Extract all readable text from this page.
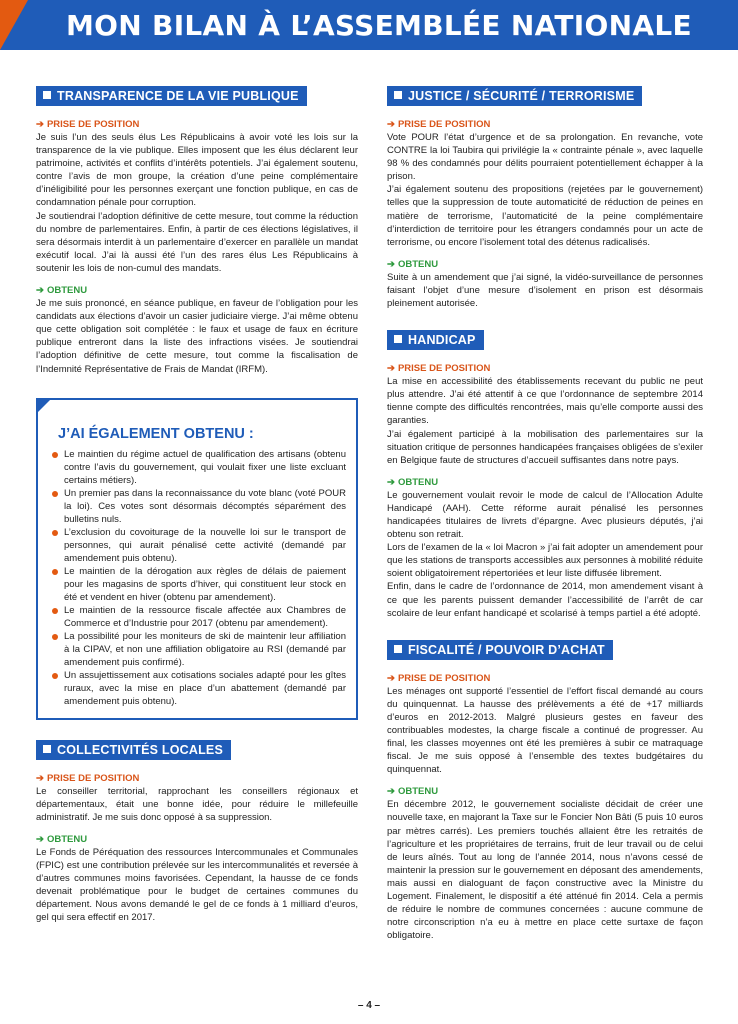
MON BILAN À L’ASSEMBLÉE NATIONALE
TRANSPARENCE DE LA VIE PUBLIQUE
➔ PRISE DE POSITION

Je suis l’un des seuls élus Les Républicains à avoir voté les lois sur la transparence de la vie publique. Elles imposent que les élus déclarent leur patrimoine, activités et conflits d’intérêts potentiels. J’ai également soutenu, contre l’avis de mon groupe, la création d’une peine complémentaire d’inéligibilité pour les personnes exerçant une fonction publique, en cas de condamnation pénale pour corruption.

Je soutiendrai l’adoption définitive de cette mesure, tout comme la réduction du nombre de parlementaires. Enfin, à partir de ces élections législatives, il sera désormais interdit à un parlementaire d’exercer en parallèle un mandat exécutif local. J’ai là aussi été l’un des rares élus Les Républicains à soutenir les lois de non-cumul des mandats.

➔ OBTENU

Je me suis prononcé, en séance publique, en faveur de l’obligation pour les candidats aux élections d’avoir un casier judiciaire vierge. J’ai même obtenu que cette obligation soit complétée : le faux et usage de faux en écriture publique entreront dans la liste des infractions visées. Je soutiendrai l’adoption définitive de cette mesure, tout comme la fiscalisation de l’Indemnité Représentative de Frais de Mandat (IRFM).

J’AI ÉGALEMENT OBTENU :
Le maintien du régime actuel de qualification des artisans (obtenu contre l’avis du gouvernement, qui voulait fixer une liste excluant certains métiers).
Un premier pas dans la reconnaissance du vote blanc (voté POUR la loi). Ces votes sont désormais décomptés séparément des bulletins nuls.
L’exclusion du covoiturage de la nouvelle loi sur le transport de personnes, qui aurait pénalisé cette activité (demandé par amendement puis obtenu).
Le maintien de la dérogation aux règles de délais de paiement pour les magasins de sports d’hiver, qui constituent leur stock en été et vendent en hiver (obtenu par amendement).
Le maintien de la ressource fiscale affectée aux Chambres de Commerce et d’Industrie pour 2017 (obtenu par amendement).
La possibilité pour les moniteurs de ski de maintenir leur affiliation à la CIPAV, et non une affiliation obligatoire au RSI (demandé par amendement puis confirmé).
Un assujettissement aux cotisations sociales adapté pour les gîtes ruraux, avec la mise en place d’un abattement (demandé par amendement puis obtenu).
COLLECTIVITÉS LOCALES
➔ PRISE DE POSITION

Le conseiller territorial, rapprochant les conseillers régionaux et départementaux, était une bonne idée, pour réduire le millefeuille administratif. Je me suis donc opposé à sa suppression.

➔ OBTENU

Le Fonds de Péréquation des ressources Intercommunales et Communales (FPIC) est une contribution prélevée sur les intercommunalités et reversée à d’autres communes moins favorisées. Cependant, la hausse de ce fonds devenait problématique pour le budget de certaines communes du département. Nous avons demandé le gel de ce fonds à 1 milliard d’euros, gel qui sera effectif en 2017.

JUSTICE / SÉCURITÉ / TERRORISME
➔ PRISE DE POSITION

Vote POUR l’état d’urgence et de sa prolongation. En revanche, vote CONTRE la loi Taubira qui privilégie la « contrainte pénale », avec laquelle 98 % des condamnés pour délits pourraient potentiellement échapper à la prison.

J’ai également soutenu des propositions (rejetées par le gouvernement) telles que la suppression de toute automaticité de réduction de peines en matière de terrorisme, l’automaticité de la peine complémentaire d’interdiction de territoire pour les étrangers condamnés pour un acte de terrorisme, ou encore l’isolement total des détenus radicalisés.

➔ OBTENU

Suite à un amendement que j’ai signé, la vidéo-surveillance de personnes faisant l’objet d’une mesure d’isolement en prison est désormais pleinement autorisée.

HANDICAP
➔ PRISE DE POSITION

La mise en accessibilité des établissements recevant du public ne peut plus attendre. J’ai été attentif à ce que l’ordonnance de septembre 2014 tienne compte des difficultés rencontrées, mais qu’elle comporte aussi des garanties.

J’ai également participé à la mobilisation des parlementaires sur la situation critique de personnes handicapées françaises obligées de s’exiler en Belgique faute de structures d’accueil suffisantes dans notre pays.

➔ OBTENU

Le gouvernement voulait revoir le mode de calcul de l’Allocation Adulte Handicapé (AAH). Cette réforme aurait pénalisé les personnes handicapées titulaires de livrets d’épargne. Avec plusieurs députés, j’ai obtenu son retrait.

Lors de l’examen de la « loi Macron » j’ai fait adopter un amendement pour que les stations de transports accessibles aux personnes à mobilité réduite soient obligatoirement répertoriées et leur liste diffusée librement.

Enfin, dans le cadre de l’ordonnance de 2014, mon amendement visant à ce que les parents puissent demander l’accessibilité de l’arrêt de car scolaire de leur enfant handicapé et scolarisé à temps partiel a été adopté.

FISCALITÉ / POUVOIR D’ACHAT
➔ PRISE DE POSITION

Les ménages ont supporté l’essentiel de l’effort fiscal demandé au cours du quinquennat. La hausse des prélèvements a été de +17 milliards d’euros en 2012-2013. Malgré plusieurs gestes en faveur des contribuables modestes, la charge fiscale a continué de progresser. Au final, les classes moyennes ont été les premières à subir ce matraquage fiscal. Je me suis opposé à l’ensemble des textes budgétaires du quinquennat.

➔ OBTENU

En décembre 2012, le gouvernement socialiste décidait de créer une nouvelle taxe, en majorant la Taxe sur le Foncier Non Bâti (5 puis 10 euros par mètres carrés). Les premiers touchés allaient être les retraités de l’agriculture et les propriétaires de terrains, fruit de leur travail ou de celui de leurs aînés. Tout au long de l’année 2014, nous n’avons cessé de maintenir la pression sur le gouvernement en déposant des amendements, mais aussi en dialoguant de façon constructive avec la Ministre du Logement. Finalement, le dispositif a été atténué fin 2014. Cela a permis de réduire le nombre de communes concernées : aucune commune de notre circonscription n’a eu à mettre en place cette surtaxe de façon obligatoire.

– 4 –
